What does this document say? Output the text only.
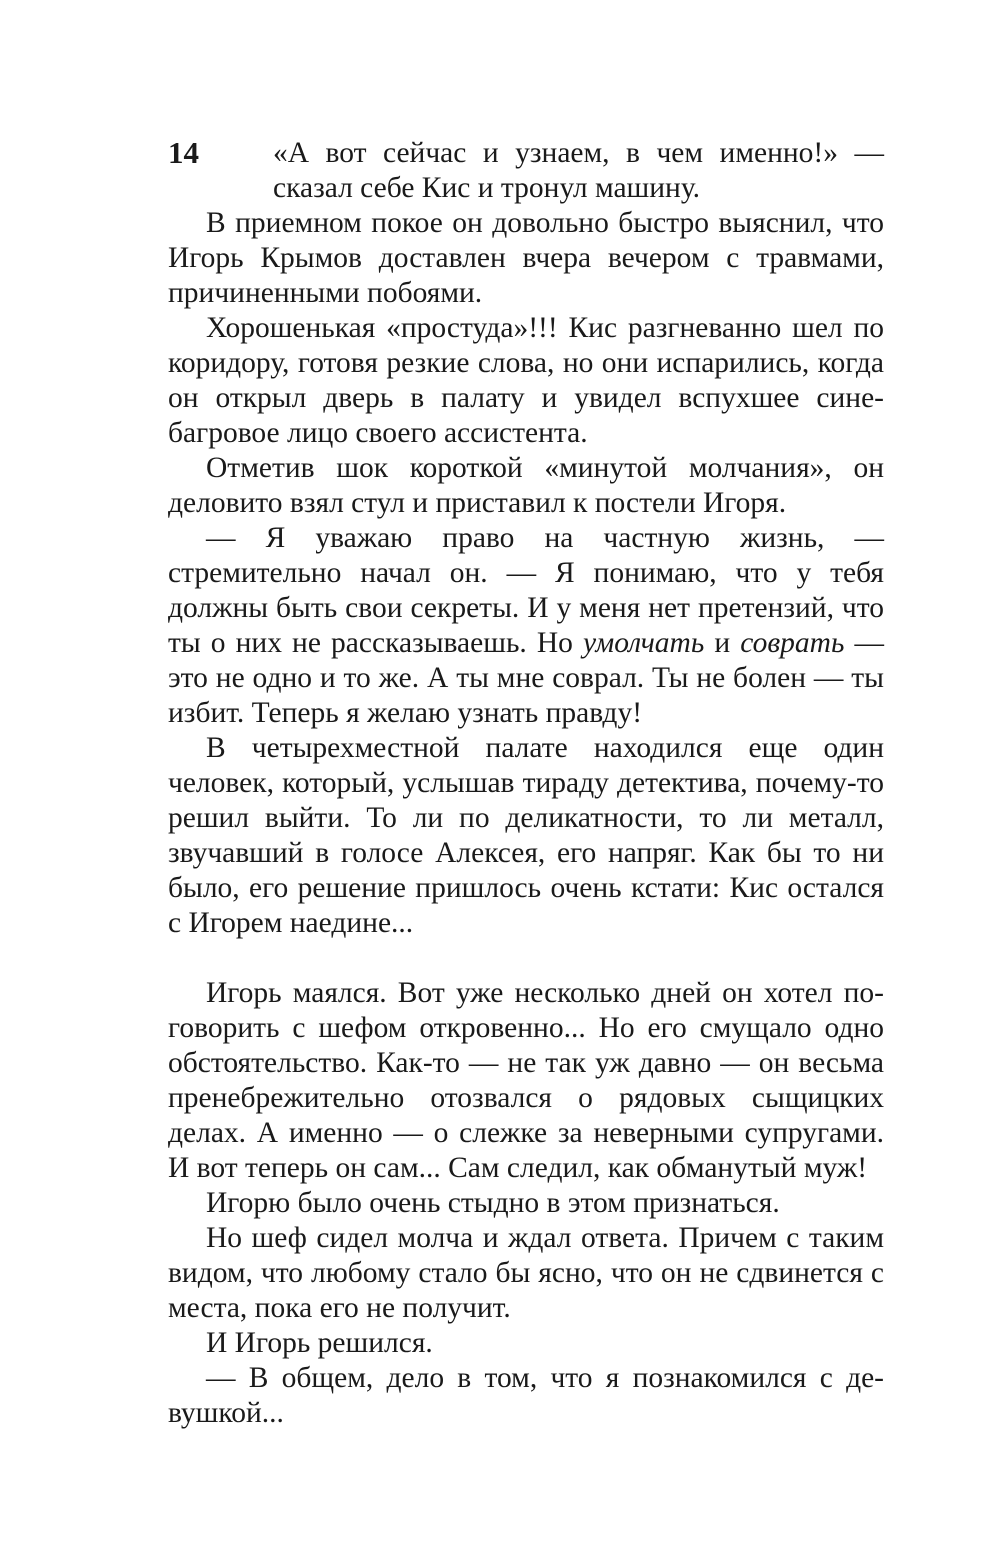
14	«А вот сейчас и узнаем, в чем именно!» — сказал себе Кис и тронул машину.

В приемном покое он довольно быстро выяснил, что Игорь Крымов доставлен вчера вечером с травмами, причиненными побоями.

Хорошенькая «простуда»!!! Кис разгневанно шел по коридору, готовя резкие слова, но они испарились, когда он открыл дверь в палату и увидел вспухшее сине-багровое лицо своего ассистента.

Отметив шок короткой «минутой молчания», он деловито взял стул и приставил к постели Игоря.

— Я уважаю право на частную жизнь, — стремительно начал он. — Я понимаю, что у тебя должны быть свои секреты. И у меня нет претензий, что ты о них не рассказываешь. Но умолчать и соврать — это не одно и то же. А ты мне соврал. Ты не болен — ты избит. Теперь я желаю узнать правду!

В четырехместной палате находился еще один человек, который, услышав тираду детектива, почему-то решил выйти. То ли по деликатности, то ли металл, звучавший в голосе Алексея, его напряг. Как бы то ни было, его решение пришлось очень кстати: Кис остался с Игорем наедине...

Игорь маялся. Вот уже несколько дней он хотел поговорить с шефом откровенно... Но его смущало одно обстоятельство. Как-то — не так уж давно — он весьма пренебрежительно отозвался о рядовых сыщицких делах. А именно — о слежке за неверными супругами. И вот теперь он сам... Сам следил, как обманутый муж!

Игорю было очень стыдно в этом признаться.

Но шеф сидел молча и ждал ответа. Причем с таким видом, что любому стало бы ясно, что он не сдвинется с места, пока его не получит.

И Игорь решился.

— В общем, дело в том, что я познакомился с девушкой...
